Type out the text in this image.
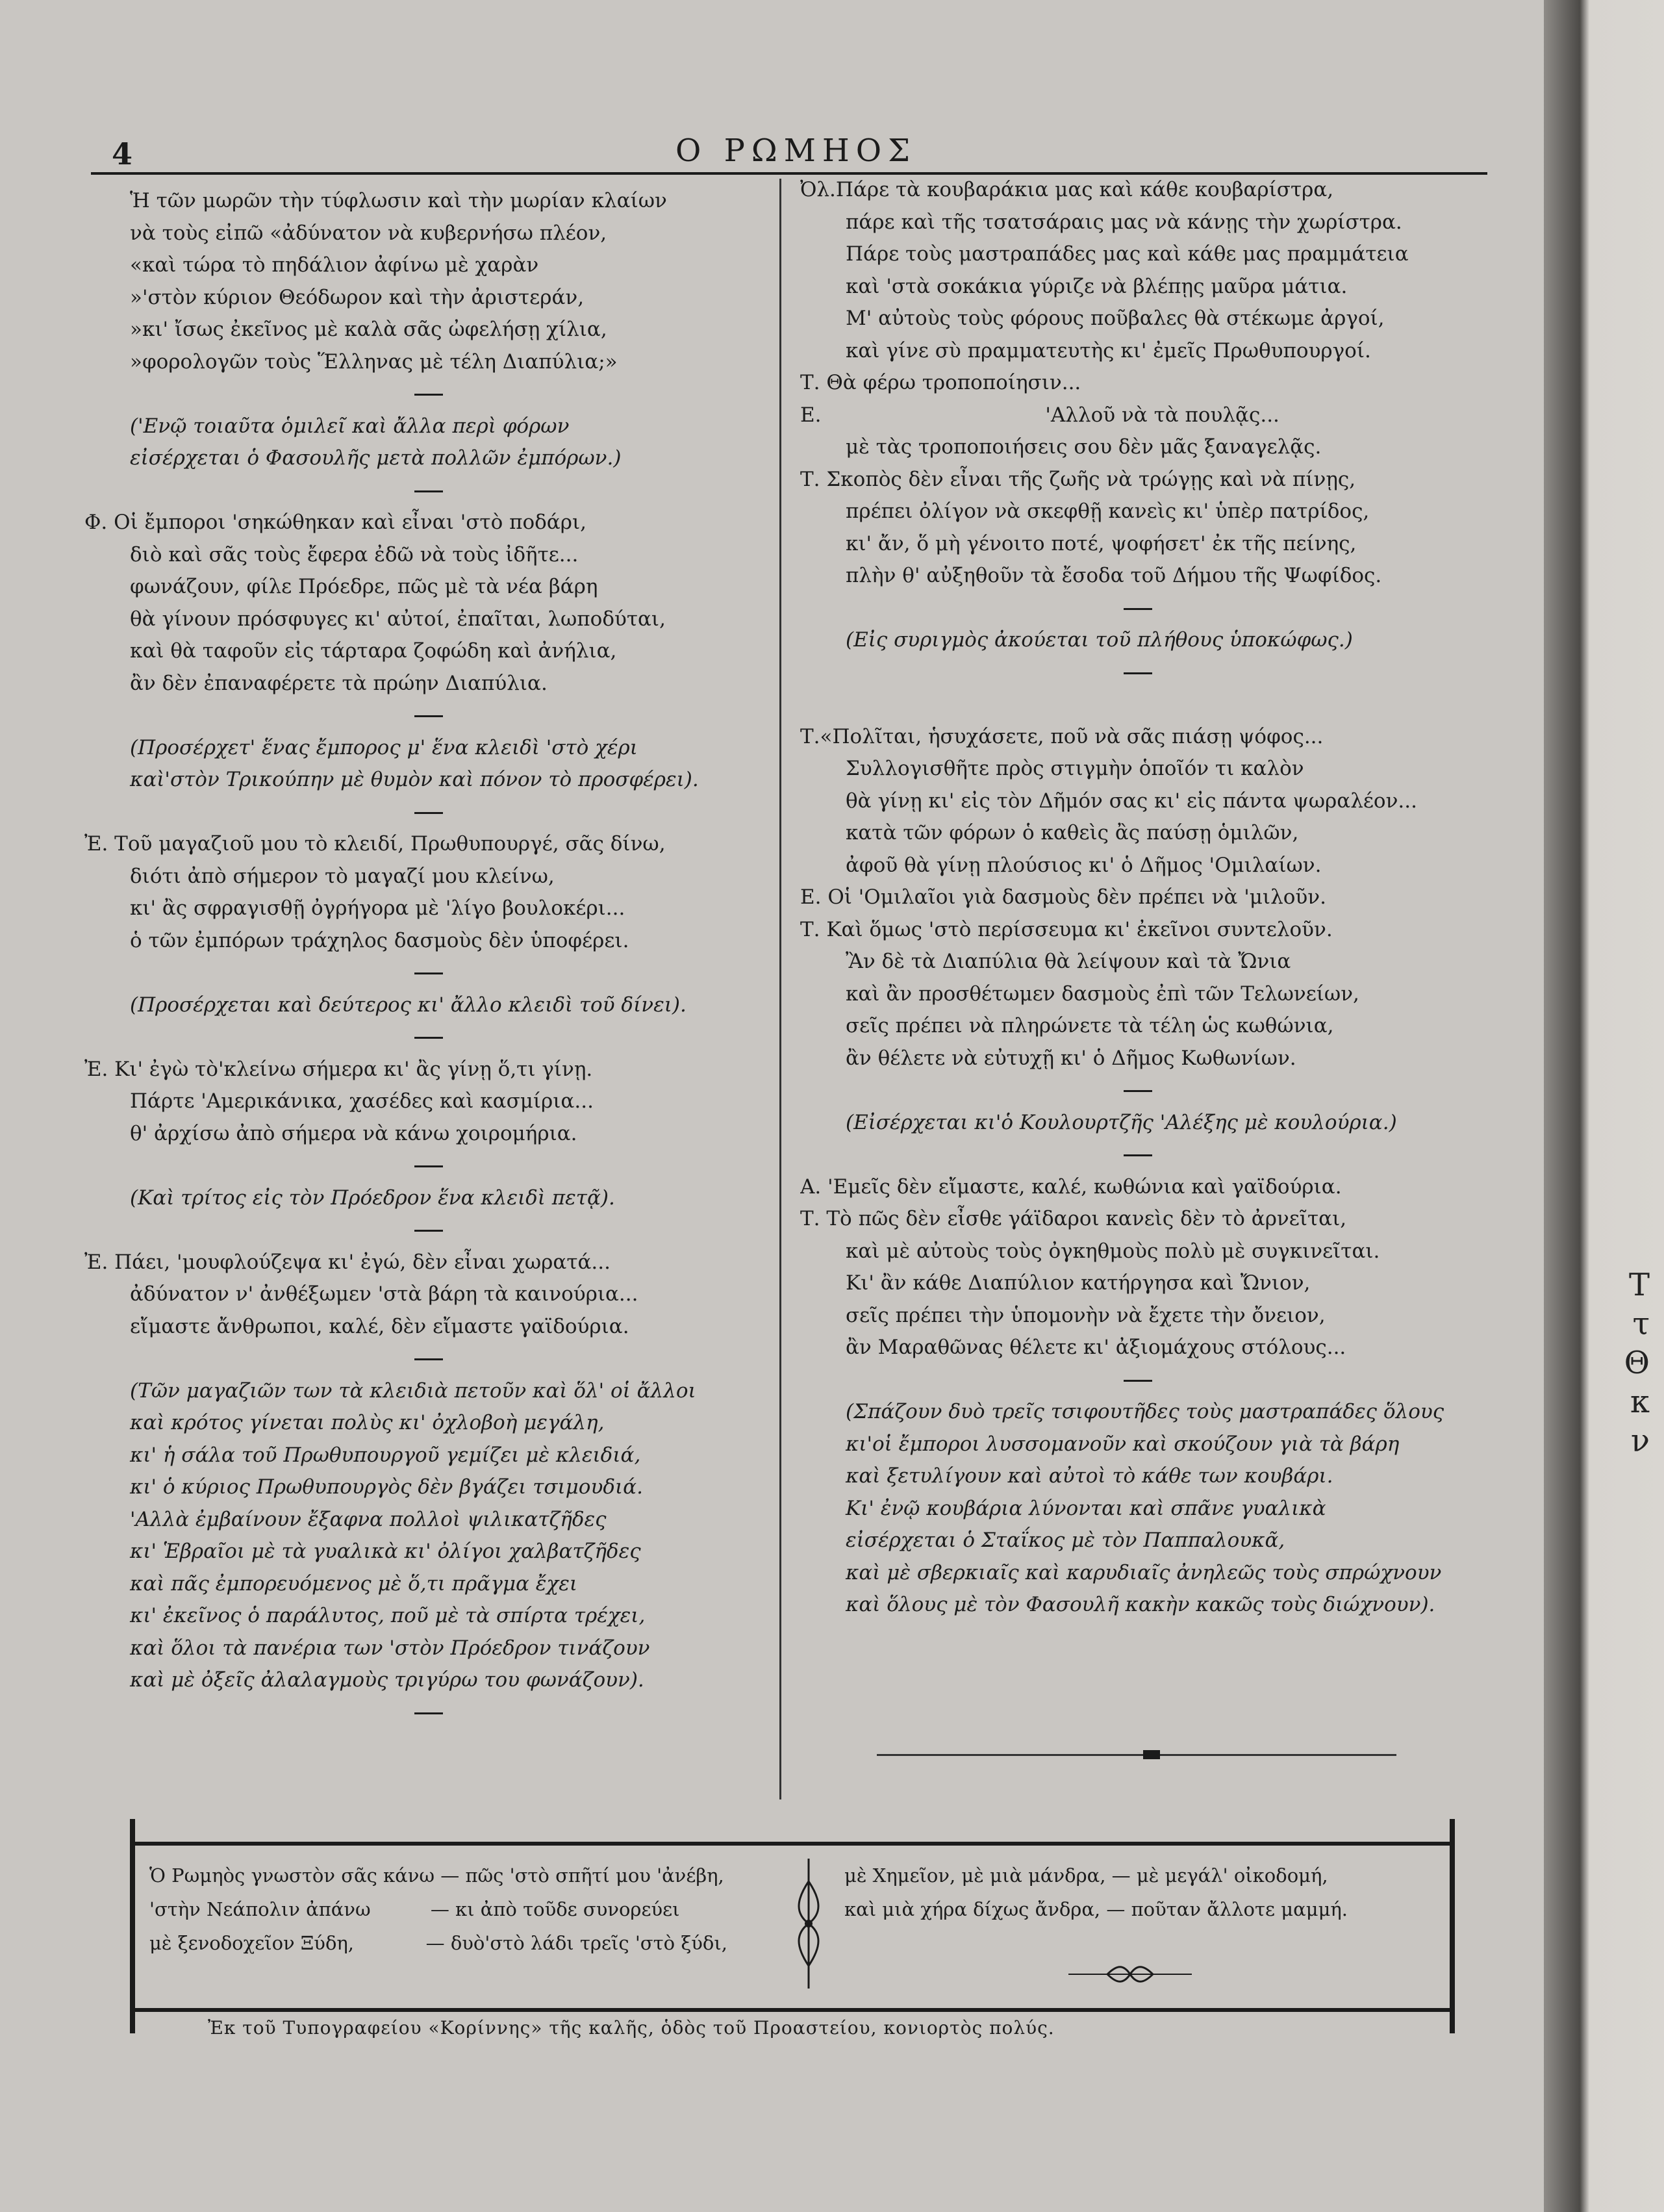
Τ
τ
Θ
κ
ν
4	Ο ΡΩΜΗΟΣ
Ἡ τῶν μωρῶν τὴν τύφλωσιν καὶ τὴν μωρίαν κλαίων
νὰ τοὺς εἰπῶ «ἀδύνατον νὰ κυβερνήσω πλέον,
«καὶ τώρα τὸ πηδάλιον ἀφίνω μὲ χαρὰν
»'στὸν κύριον Θεόδωρον καὶ τὴν ἀριστεράν,
»κι' ἴσως ἐκεῖνος μὲ καλὰ σᾶς ὠφελήσῃ χίλια,
»φορολογῶν τοὺς Ἕλληνας μὲ τέλη Διαπύλια;»
('Ενῷ τοιαῦτα ὁμιλεῖ καὶ ἄλλα περὶ φόρων
εἰσέρχεται ὁ Φασουλῆς μετὰ πολλῶν ἐμπόρων.)
Φ. Οἱ ἔμποροι 'σηκώθηκαν καὶ εἶναι 'στὸ ποδάρι,
διὸ καὶ σᾶς τοὺς ἔφερα ἐδῶ νὰ τοὺς ἰδῆτε...
φωνάζουν, φίλε Πρόεδρε, πῶς μὲ τὰ νέα βάρη
θὰ γίνουν πρόσφυγες κι' αὐτοί, ἐπαῖται, λωποδύται,
καὶ θὰ ταφοῦν εἰς τάρταρα ζοφώδη καὶ ἀνήλια,
ἂν δὲν ἐπαναφέρετε τὰ πρώην Διαπύλια.
(Προσέρχετ' ἕνας ἔμπορος μ' ἕνα κλειδὶ 'στὸ χέρι
καὶ'στὸν Τρικούπην μὲ θυμὸν καὶ πόνον τὸ προσφέρει).
Ἐ. Τοῦ μαγαζιοῦ μου τὸ κλειδί, Πρωθυπουργέ, σᾶς δίνω,
διότι ἀπὸ σήμερον τὸ μαγαζί μου κλείνω,
κι' ἂς σφραγισθῇ ὀγρήγορα μὲ 'λίγο βουλοκέρι...
ὁ τῶν ἐμπόρων τράχηλος δασμοὺς δὲν ὑποφέρει.
(Προσέρχεται καὶ δεύτερος κι' ἄλλο κλειδὶ τοῦ δίνει).
Ἐ. Κι' ἐγὼ τὸ'κλείνω σήμερα κι' ἂς γίνῃ ὅ,τι γίνῃ.
Πάρτε 'Αμερικάνικα, χασέδες καὶ κασμίρια...
θ' ἀρχίσω ἀπὸ σήμερα νὰ κάνω χοιρομήρια.
(Καὶ τρίτος εἰς τὸν Πρόεδρον ἕνα κλειδὶ πετᾷ).
Ἐ. Πάει, 'μουφλούζεψα κι' ἐγώ, δὲν εἶναι χωρατά...
ἀδύνατον ν' ἀνθέξωμεν 'στὰ βάρη τὰ καινούρια...
εἴμαστε ἄνθρωποι, καλέ, δὲν εἴμαστε γαϊδούρια.
(Τῶν μαγαζιῶν των τὰ κλειδιὰ πετοῦν καὶ ὅλ' οἱ ἄλλοι
καὶ κρότος γίνεται πολὺς κι' ὀχλοβοὴ μεγάλη,
κι' ἡ σάλα τοῦ Πρωθυπουργοῦ γεμίζει μὲ κλειδιά,
κι' ὁ κύριος Πρωθυπουργὸς δὲν βγάζει τσιμουδιά.
'Αλλὰ ἐμβαίνουν ἔξαφνα πολλοὶ ψιλικατζῆδες
κι' Ἑβραῖοι μὲ τὰ γυαλικὰ κι' ὀλίγοι χαλβατζῆδες
καὶ πᾶς ἐμπορευόμενος μὲ ὅ,τι πρᾶγμα ἔχει
κι' ἐκεῖνος ὁ παράλυτος, ποῦ μὲ τὰ σπίρτα τρέχει,
καὶ ὅλοι τὰ πανέρια των 'στὸν Πρόεδρον τινάζουν
καὶ μὲ ὀξεῖς ἀλαλαγμοὺς τριγύρω του φωνάζουν).
Ὀλ.Πάρε τὰ κουβαράκια μας καὶ κάθε κουβαρίστρα,
πάρε καὶ τῆς τσατσάραις μας νὰ κάνῃς τὴν χωρίστρα.
Πάρε τοὺς μαστραπάδες μας καὶ κάθε μας πραμμάτεια
καὶ 'στὰ σοκάκια γύριζε νὰ βλέπῃς μαῦρα μάτια.
Μ' αὐτοὺς τοὺς φόρους ποῦβαλες θὰ στέκωμε ἀργοί,
καὶ γίνε σὺ πραμματευτὴς κι' ἐμεῖς Πρωθυπουργοί.
Τ. Θὰ φέρω τροποποίησιν...
Ε.                                   'Αλλοῦ νὰ τὰ πουλᾷς...
μὲ τὰς τροποποιήσεις σου δὲν μᾶς ξαναγελᾷς.
Τ. Σκοπὸς δὲν εἶναι τῆς ζωῆς νὰ τρώγῃς καὶ νὰ πίνῃς,
πρέπει ὀλίγον νὰ σκεφθῇ κανεὶς κι' ὑπὲρ πατρίδος,
κι' ἄν, ὅ μὴ γένοιτο ποτέ, ψοφήσετ' ἐκ τῆς πείνης,
πλὴν θ' αὐξηθοῦν τὰ ἔσοδα τοῦ Δήμου τῆς Ψωφίδος.
(Εἰς συριγμὸς ἀκούεται τοῦ πλήθους ὑποκώφως.)
Τ.«Πολῖται, ἡσυχάσετε, ποῦ νὰ σᾶς πιάσῃ ψόφος...
Συλλογισθῆτε πρὸς στιγμὴν ὁποῖόν τι καλὸν
θὰ γίνῃ κι' εἰς τὸν Δῆμόν σας κι' εἰς πάντα ψωραλέον...
κατὰ τῶν φόρων ὁ καθεὶς ἂς παύσῃ ὁμιλῶν,
ἀφοῦ θὰ γίνῃ πλούσιος κι' ὁ Δῆμος 'Ομιλαίων.
Ε. Οἱ 'Ομιλαῖοι γιὰ δασμοὺς δὲν πρέπει νὰ 'μιλοῦν.
Τ. Καὶ ὅμως 'στὸ περίσσευμα κι' ἐκεῖνοι συντελοῦν.
Ἂν δὲ τὰ Διαπύλια θὰ λείψουν καὶ τὰ Ὤνια
καὶ ἂν προσθέτωμεν δασμοὺς ἐπὶ τῶν Τελωνείων,
σεῖς πρέπει νὰ πληρώνετε τὰ τέλη ὡς κωθώνια,
ἂν θέλετε νὰ εὐτυχῇ κι' ὁ Δῆμος Κωθωνίων.
(Εἰσέρχεται κι'ὁ Κουλουρτζῆς 'Αλέξης μὲ κουλούρια.)
Α. 'Εμεῖς δὲν εἴμαστε, καλέ, κωθώνια καὶ γαϊδούρια.
Τ. Τὸ πῶς δὲν εἶσθε γάϊδαροι κανεὶς δὲν τὸ ἀρνεῖται,
καὶ μὲ αὐτοὺς τοὺς ὀγκηθμοὺς πολὺ μὲ συγκινεῖται.
Κι' ἂν κάθε Διαπύλιον κατήργησα καὶ Ὤνιον,
σεῖς πρέπει τὴν ὑπομονὴν νὰ ἔχετε τὴν ὄνειον,
ἂν Μαραθῶνας θέλετε κι' ἀξιομάχους στόλους...
(Σπάζουν δυὸ τρεῖς τσιφουτῆδες τοὺς μαστραπάδες ὅλους
κι'οἱ ἔμποροι λυσσομανοῦν καὶ σκούζουν γιὰ τὰ βάρη
καὶ ξετυλίγουν καὶ αὐτοὶ τὸ κάθε των κουβάρι.
Κι' ἐνῷ κουβάρια λύνονται καὶ σπᾶνε γυαλικὰ
εἰσέρχεται ὁ Σταΐκος μὲ τὸν Παππαλουκᾶ,
καὶ μὲ σβερκιαῖς καὶ καρυδιαῖς ἀνηλεῶς τοὺς σπρώχνουν
καὶ ὅλους μὲ τὸν Φασουλῆ κακὴν κακῶς τοὺς διώχνουν).
Ὁ Ρωμηὸς γνωστὸν σᾶς κάνω — πῶς 'στὸ σπῆτί μου 'ἀνέβη,
'στὴν Νεάπολιν ἀπάνω          — κι ἀπὸ τοῦδε συνορεύει
μὲ ξενοδοχεῖον Ξύδη,            — δυὸ'στὸ λάδι τρεῖς 'στὸ ξύδι,
μὲ Χημεῖον, μὲ μιὰ μάνδρα, — μὲ μεγάλ' οἰκοδομή,
καὶ μιὰ χήρα δίχως ἄνδρα, — ποῦταν ἄλλοτε μαμμή.
Ἐκ τοῦ Τυπογραφείου «Κορίννης» τῆς καλῆς, ὁδὸς τοῦ Προαστείου, κονιορτὸς πολύς.
